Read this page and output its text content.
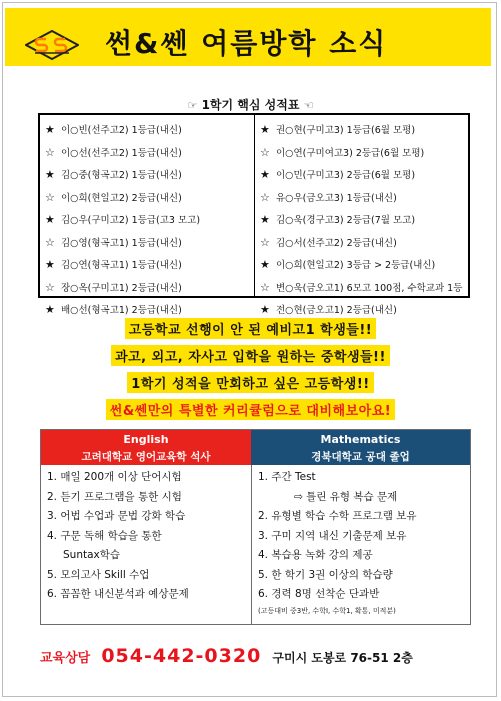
썬&쎈 여름방학 소식
☞ 1학기 핵심 성적표 ☜
★ 이○빈(선주고2) 1등급(내신)
☆ 이○선(선주고2) 1등급(내신)
★ 김○중(형곡고2) 1등급(내신)
☆ 이○희(현일고2) 2등급(내신)
★ 김○우(구미고2) 1등급(고3 모고)
☆ 김○영(형곡고1) 1등급(내신)
★ 김○연(형곡고1) 1등급(내신)
☆ 장○옥(구미고1) 2등급(내신)
★ 배○선(형곡고1) 2등급(내신)
★ 권○현(구미고3) 1등급(6월 모평)
☆ 이○연(구미여고3) 2등급(6월 모평)
★ 이○민(구미고3) 2등급(6월 모평)
☆ 유○우(금오고3) 1등급(내신)
★ 김○욱(경구고3) 2등급(7월 모고)
☆ 김○서(선주고2) 2등급(내신)
★ 이○희(현일고2) 3등급 > 2등급(내신)
☆ 변○욱(금오고1) 6모고 100점, 수학교과 1등
★ 전○현(금오고1) 2등급(내신)
고등학교 선행이 안 된 예비고1 학생들!!
과고, 외고, 자사고 입학을 원하는 중학생들!!
1학기 성적을 만회하고 싶은 고등학생!!
썬&쎈만의 특별한 커리큘럼으로 대비해보아요!
English
고려대학교 영어교육학 석사
Mathematics
경북대학교 공대 졸업
1. 매일 200개 이상 단어시험
2. 듣기 프로그램을 통한 시험
3. 어법 수업과 문법 강화 학습
4. 구문 독해 학습을 통한
Suntax학습
5. 모의고사 Skill 수업
6. 꼼꼼한 내신분석과 예상문제
1. 주간 Test
⇨ 틀린 유형 복습 문제
2. 유형별 학습 수학 프로그램 보유
3. 구미 지역 내신 기출문제 보유
4. 복습용 녹화 강의 제공
5. 한 학기 3권 이상의 학습량
6. 경력 8명 선착순 단과반
(고등대비 중3반, 수학I, 수학1, 확통, 미적분)
교육상담 054-442-0320 구미시 도봉로 76-51 2층
